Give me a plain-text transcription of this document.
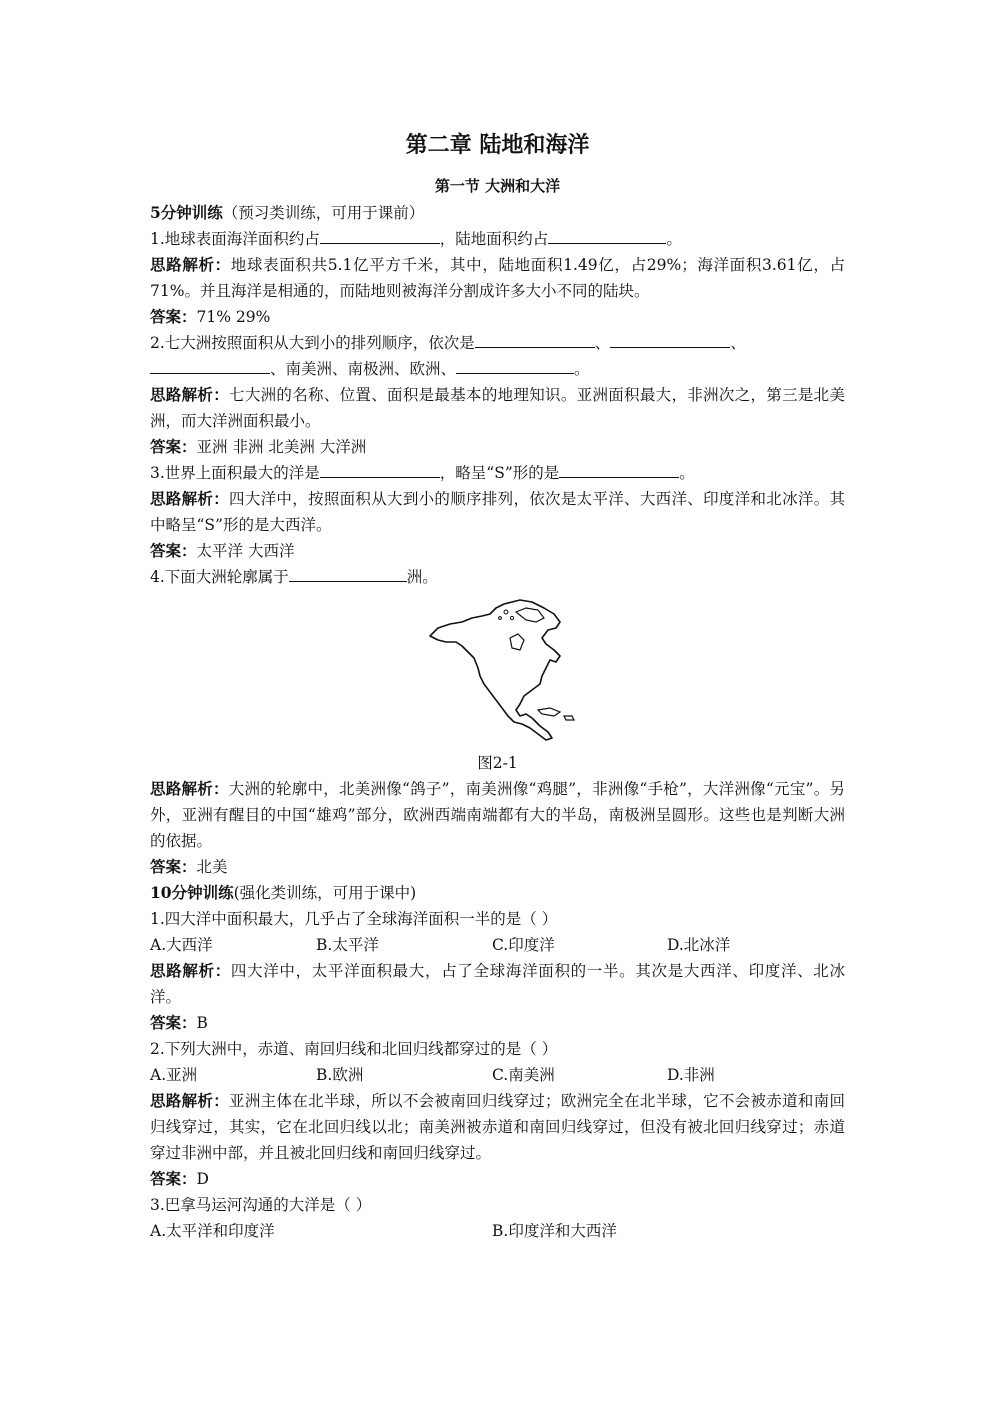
第二章 陆地和海洋
第一节 大洲和大洋

5分钟训练（预习类训练，可用于课前）

1.地球表面海洋面积约占	，陆地面积约占	。

思路解析：地球表面积共5.1亿平方千米，其中，陆地面积1.49亿，占29%；海洋面积3.61亿，占71%。并且海洋是相通的，而陆地则被海洋分割成许多大小不同的陆块。

答案：71% 29%

2.七大洲按照面积从大到小的排列顺序，依次是	、	、

、南美洲、南极洲、欧洲、	。

思路解析：七大洲的名称、位置、面积是最基本的地理知识。亚洲面积最大，非洲次之，第三是北美洲，而大洋洲面积最小。

答案：亚洲 非洲 北美洲 大洋洲

3.世界上面积最大的洋是	，略呈“S”形的是	。

思路解析：四大洋中，按照面积从大到小的顺序排列，依次是太平洋、大西洋、印度洋和北冰洋。其中略呈“S”形的是大西洋。

答案：太平洋 大西洋

4.下面大洲轮廓属于	洲。

图2-1

思路解析：大洲的轮廓中，北美洲像“鸽子”，南美洲像“鸡腿”，非洲像“手枪”，大洋洲像“元宝”。另外，亚洲有醒目的中国“雄鸡”部分，欧洲西端南端都有大的半岛，南极洲呈圆形。这些也是判断大洲的依据。

答案：北美

10分钟训练(强化类训练，可用于课中)

1.四大洋中面积最大，几乎占了全球海洋面积一半的是（ ）

A.大西洋	B.太平洋	C.印度洋	D.北冰洋

思路解析：四大洋中，太平洋面积最大，占了全球海洋面积的一半。其次是大西洋、印度洋、北冰洋。

答案：B

2.下列大洲中，赤道、南回归线和北回归线都穿过的是（ ）

A.亚洲	B.欧洲	C.南美洲	D.非洲

思路解析：亚洲主体在北半球，所以不会被南回归线穿过；欧洲完全在北半球，它不会被赤道和南回归线穿过，其实，它在北回归线以北；南美洲被赤道和南回归线穿过，但没有被北回归线穿过；赤道穿过非洲中部，并且被北回归线和南回归线穿过。

答案：D

3.巴拿马运河沟通的大洋是（ ）

A.太平洋和印度洋	B.印度洋和大西洋
